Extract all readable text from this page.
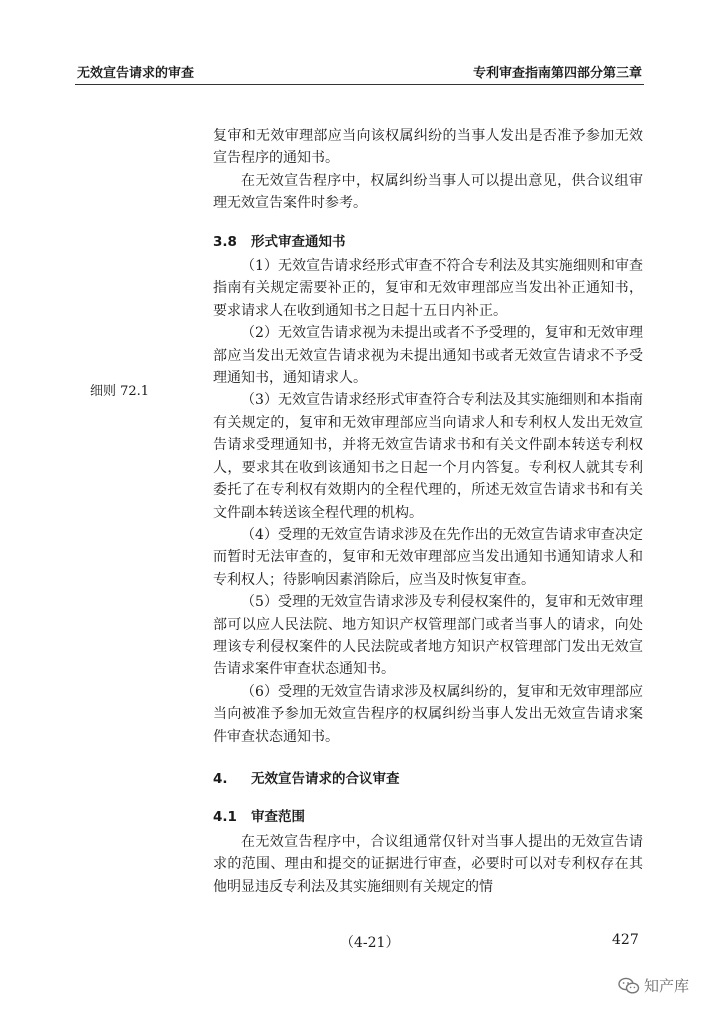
无效宣告请求的审查	专利审查指南第四部分第三章
细则 72.1

复审和无效审理部应当向该权属纠纷的当事人发出是否准予参加无效宣告程序的通知书。

在无效宣告程序中，权属纠纷当事人可以提出意见，供合议组审理无效宣告案件时参考。

3.8 形式审查通知书

（1）无效宣告请求经形式审查不符合专利法及其实施细则和审查指南有关规定需要补正的，复审和无效审理部应当发出补正通知书，要求请求人在收到通知书之日起十五日内补正。

（2）无效宣告请求视为未提出或者不予受理的，复审和无效审理部应当发出无效宣告请求视为未提出通知书或者无效宣告请求不予受理通知书，通知请求人。

（3）无效宣告请求经形式审查符合专利法及其实施细则和本指南有关规定的，复审和无效审理部应当向请求人和专利权人发出无效宣告请求受理通知书，并将无效宣告请求书和有关文件副本转送专利权人，要求其在收到该通知书之日起一个月内答复。专利权人就其专利委托了在专利权有效期内的全程代理的，所述无效宣告请求书和有关文件副本转送该全程代理的机构。

（4）受理的无效宣告请求涉及在先作出的无效宣告请求审查决定而暂时无法审查的，复审和无效审理部应当发出通知书通知请求人和专利权人；待影响因素消除后，应当及时恢复审查。

（5）受理的无效宣告请求涉及专利侵权案件的，复审和无效审理部可以应人民法院、地方知识产权管理部门或者当事人的请求，向处理该专利侵权案件的人民法院或者地方知识产权管理部门发出无效宣告请求案件审查状态通知书。

（6）受理的无效宣告请求涉及权属纠纷的，复审和无效审理部应当向被准予参加无效宣告程序的权属纠纷当事人发出无效宣告请求案件审查状态通知书。

4. 无效宣告请求的合议审查

4.1 审查范围

在无效宣告程序中，合议组通常仅针对当事人提出的无效宣告请求的范围、理由和提交的证据进行审查，必要时可以对专利权存在其他明显违反专利法及其实施细则有关规定的情

（4-21）	427
知产库
